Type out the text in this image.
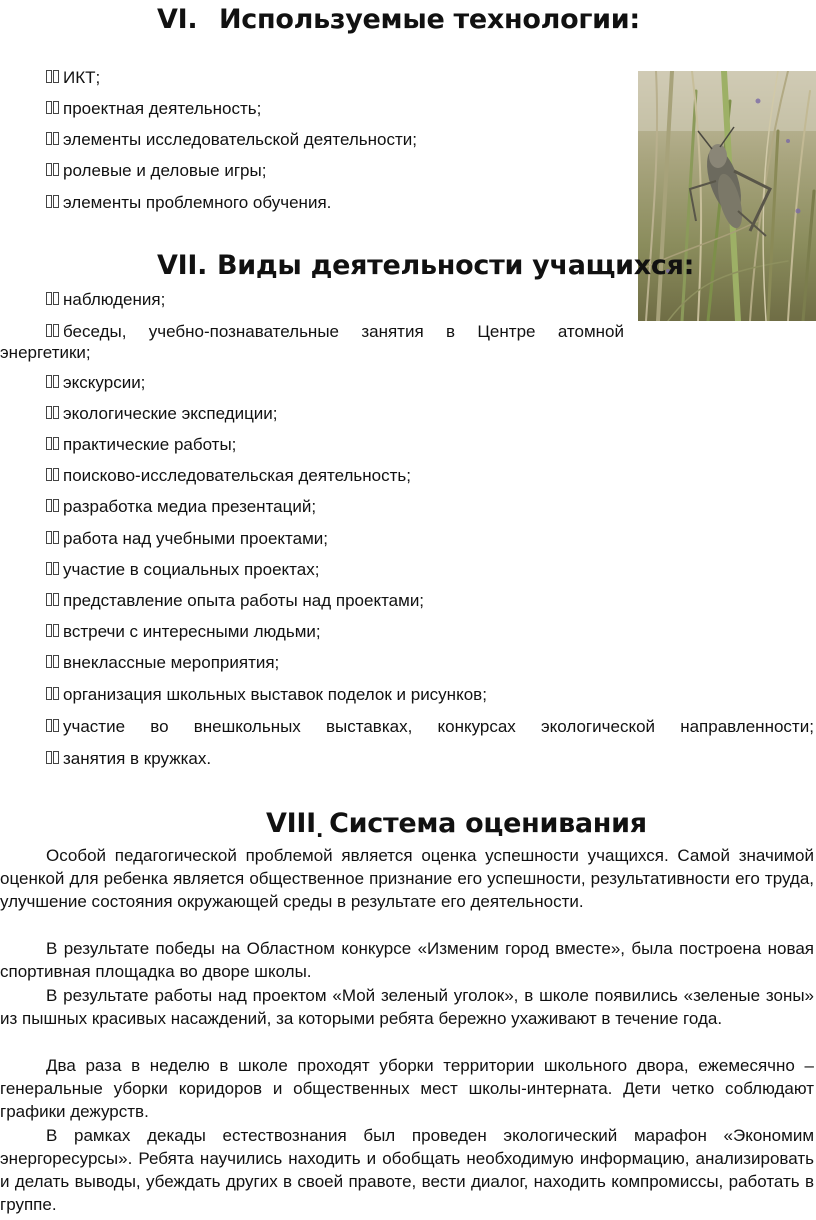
VI. Используемые технологии:
ИКТ;
проектная деятельность;
элементы исследовательской деятельности;
ролевые и деловые игры;
элементы проблемного обучения.
VII. Виды деятельности учащихся:
наблюдения;
беседы, учебно-познавательные занятия в Центре атомной
энергетики;
экскурсии;
экологические экспедиции;
практические работы;
поисково-исследовательская деятельность;
разработка медиа презентаций;
работа над учебными проектами;
участие в социальных проектах;
представление опыта работы над проектами;
встречи с интересными людьми;
внеклассные мероприятия;
организация школьных выставок поделок и рисунков;
участие во внешкольных выставках, конкурсах экологической направленности;
занятия в кружках.
VIII. Система оценивания

Особой педагогической проблемой является оценка успешности учащихся. Самой значимой оценкой для ребенка является общественное признание его успешности, результативности его труда, улучшение состояния окружающей среды в результате его деятельности.

В результате победы на Областном конкурсе «Изменим город вместе», была построена новая спортивная площадка во дворе школы.

В результате работы над проектом «Мой зеленый уголок», в школе появились «зеленые зоны» из пышных красивых насаждений, за которыми ребята бережно ухаживают в течение года.

Два раза в неделю в школе проходят уборки территории школьного двора, ежемесячно – генеральные уборки коридоров и общественных мест школы-интерната. Дети четко соблюдают графики дежурств.

В рамках декады естествознания был проведен экологический марафон «Экономим энергоресурсы». Ребята научились находить и обобщать необходимую информацию, анализировать и делать выводы, убеждать других в своей правоте, вести диалог, находить компромиссы, работать в группе.
